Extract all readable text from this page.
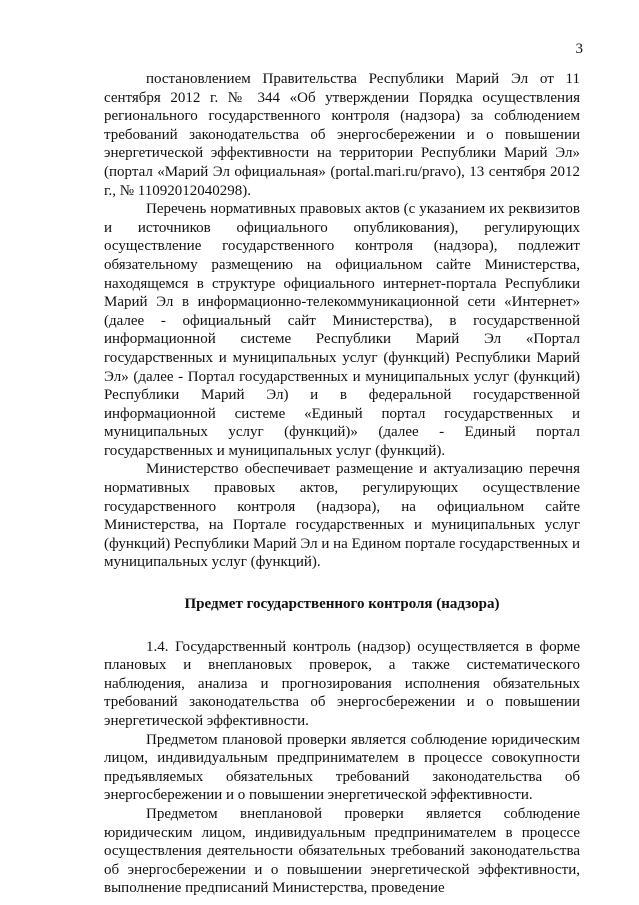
3

постановлением Правительства Республики Марий Эл от 11 сентября 2012 г. № 344 «Об утверждении Порядка осуществления регионального государственного контроля (надзора) за соблюдением требований законодательства об энергосбережении и о повышении энергетической эффективности на территории Республики Марий Эл» (портал «Марий Эл официальная» (portal.mari.ru/pravo), 13 сентября 2012 г., № 11092012040298).

Перечень нормативных правовых актов (с указанием их реквизитов и источников официального опубликования), регулирующих осуществление государственного контроля (надзора), подлежит обязательному размещению на официальном сайте Министерства, находящемся в структуре официального интернет-портала Республики Марий Эл в информационно-телекоммуникационной сети «Интернет» (далее - официальный сайт Министерства), в государственной информационной системе Республики Марий Эл «Портал государственных и муниципальных услуг (функций) Республики Марий Эл» (далее - Портал государственных и муниципальных услуг (функций) Республики Марий Эл) и в федеральной государственной информационной системе «Единый портал государственных и муниципальных услуг (функций)» (далее - Единый портал государственных и муниципальных услуг (функций).

Министерство обеспечивает размещение и актуализацию перечня нормативных правовых актов, регулирующих осуществление государственного контроля (надзора), на официальном сайте Министерства, на Портале государственных и муниципальных услуг (функций) Республики Марий Эл и на Едином портале государственных и муниципальных услуг (функций).

Предмет государственного контроля (надзора)

1.4. Государственный контроль (надзор) осуществляется в форме плановых и внеплановых проверок, а также систематического наблюдения, анализа и прогнозирования исполнения обязательных требований законодательства об энергосбережении и о повышении энергетической эффективности.

Предметом плановой проверки является соблюдение юридическим лицом, индивидуальным предпринимателем в процессе совокупности предъявляемых обязательных требований законодательства об энергосбережении и о повышении энергетической эффективности.

Предметом внеплановой проверки является соблюдение юридическим лицом, индивидуальным предпринимателем в процессе осуществления деятельности обязательных требований законодательства об энергосбережении и о повышении энергетической эффективности, выполнение предписаний Министерства, проведение
